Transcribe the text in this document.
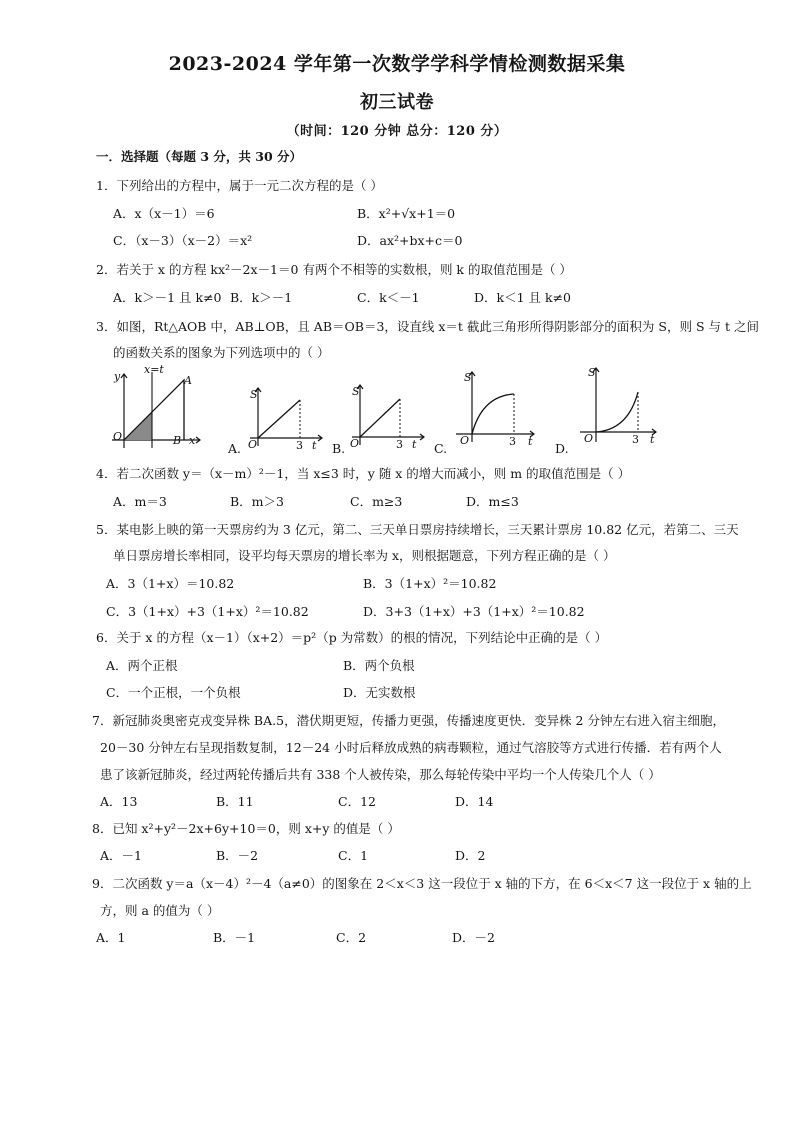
2023-2024 学年第一次数学学科学情检测数据采集
初三试卷
（时间：120 分钟 总分：120 分）
一．选择题（每题 3 分，共 30 分）
1．下列给出的方程中，属于一元二次方程的是（ ）
A．x（x－1）＝6	B．x²+√x+1＝0
C．（x－3）（x－2）＝x²	D．ax²+bx+c＝0
2．若关于 x 的方程 kx²－2x－1＝0 有两个不相等的实数根，则 k 的取值范围是（ ）
A．k＞－1 且 k≠0 B．k＞－1	C．k＜－1	D．k＜1 且 k≠0
3．如图，Rt△AOB 中，AB⊥OB，且 AB＝OB＝3，设直线 x＝t 截此三角形所得阴影部分的面积为 S，则 S 与 t 之间
的函数关系的图象为下列选项中的（ ）
y
x=t
A
O	B x
A.
S
O	3 t B.
S
O	3 t C.
S
O	3 t D.
S
O	3 t
4．若二次函数 y＝（x－m）²－1，当 x≤3 时，y 随 x 的增大而减小，则 m 的取值范围是（ ）
A．m＝3	B．m＞3	C．m≥3	D．m≤3
5．某电影上映的第一天票房约为 3 亿元，第二、三天单日票房持续增长，三天累计票房 10.82 亿元，若第二、三天
单日票房增长率相同，设平均每天票房的增长率为 x，则根据题意，下列方程正确的是（ ）
A．3（1+x）＝10.82	B．3（1+x）²＝10.82
C．3（1+x）+3（1+x）²＝10.82	D．3+3（1+x）+3（1+x）²＝10.82
6．关于 x 的方程（x－1）（x+2）＝p²（p 为常数）的根的情况，下列结论中正确的是（ ）
A．两个正根	B．两个负根
C．一个正根，一个负根	D．无实数根
7．新冠肺炎奥密克戎变异株 BA.5，潜伏期更短，传播力更强，传播速度更快．变异株 2 分钟左右进入宿主细胞，
20－30 分钟左右呈现指数复制，12－24 小时后释放成熟的病毒颗粒，通过气溶胶等方式进行传播．若有两个人
患了该新冠肺炎，经过两轮传播后共有 338 个人被传染，那么每轮传染中平均一个人传染几个人（ ）
A．13	B．11	C．12	D．14
8．已知 x²+y²－2x+6y+10＝0，则 x+y 的值是（ ）
A．－1	B．－2	C．1	D．2
9．二次函数 y＝a（x－4）²－4（a≠0）的图象在 2＜x＜3 这一段位于 x 轴的下方，在 6＜x＜7 这一段位于 x 轴的上
方，则 a 的值为（ ）
A．1	B．－1	C．2	D．－2
